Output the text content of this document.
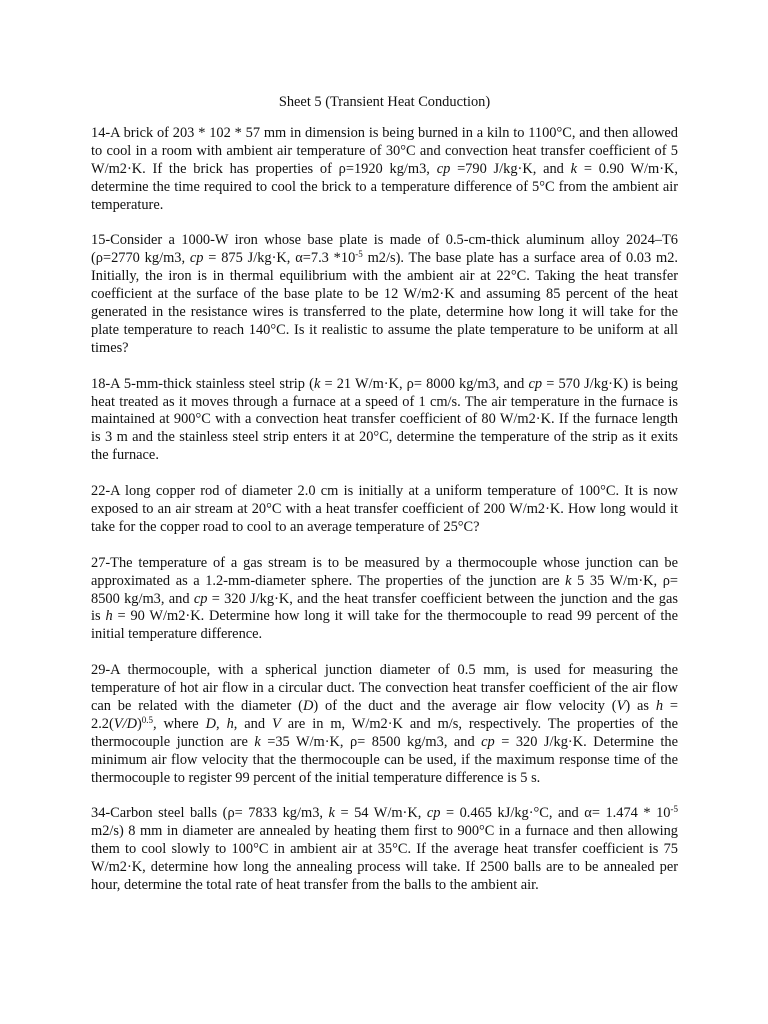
Sheet 5 (Transient Heat Conduction)

14-A brick of 203 * 102 * 57 mm in dimension is being burned in a kiln to 1100°C, and then allowed to cool in a room with ambient air temperature of 30°C and convection heat transfer coefficient of 5 W/m2·K. If the brick has properties of ρ=1920 kg/m3, cp =790 J/kg·K, and k = 0.90 W/m·K, determine the time required to cool the brick to a temperature difference of 5°C from the ambient air temperature.

15-Consider a 1000-W iron whose base plate is made of 0.5-cm-thick aluminum alloy 2024–T6 (ρ=2770 kg/m3, cp = 875 J/kg·K, α=7.3 $*10^{-5}$ m2/s). The base plate has a surface area of 0.03 m2. Initially, the iron is in thermal equilibrium with the ambient air at 22°C. Taking the heat transfer coefficient at the surface of the base plate to be 12 W/m2·K and assuming 85 percent of the heat generated in the resistance wires is transferred to the plate, determine how long it will take for the plate temperature to reach 140°C. Is it realistic to assume the plate temperature to be uniform at all times?

18-A 5-mm-thick stainless steel strip (k = 21 W/m·K, ρ= 8000 kg/m3, and cp = 570 J/kg·K) is being heat treated as it moves through a furnace at a speed of 1 cm/s. The air temperature in the furnace is maintained at 900°C with a convection heat transfer coefficient of 80 W/m2·K. If the furnace length is 3 m and the stainless steel strip enters it at 20°C, determine the temperature of the strip as it exits the furnace.

22-A long copper rod of diameter 2.0 cm is initially at a uniform temperature of 100°C. It is now exposed to an air stream at 20°C with a heat transfer coefficient of 200 W/m2·K. How long would it take for the copper road to cool to an average temperature of 25°C?

27-The temperature of a gas stream is to be measured by a thermocouple whose junction can be approximated as a 1.2-mm-diameter sphere. The properties of the junction are k 5 35 W/m·K, ρ= 8500 kg/m3, and cp = 320 J/kg·K, and the heat transfer coefficient between the junction and the gas is h = 90 W/m2·K. Determine how long it will take for the thermocouple to read 99 percent of the initial temperature difference.

29-A thermocouple, with a spherical junction diameter of 0.5 mm, is used for measuring the temperature of hot air flow in a circular duct. The convection heat transfer coefficient of the air flow can be related with the diameter (D) of the duct and the average air flow velocity (V) as $h = 2.2(V/D)^{0.5}$, where D, h, and V are in m, W/m2·K and m/s, respectively. The properties of the thermocouple junction are k =35 W/m·K, ρ= 8500 kg/m3, and cp = 320 J/kg·K. Determine the minimum air flow velocity that the thermocouple can be used, if the maximum response time of the thermocouple to register 99 percent of the initial temperature difference is 5 s.

34-Carbon steel balls (ρ= 7833 kg/m3, k = 54 W/m·K, cp = 0.465 kJ/kg·°C, and $\alpha= 1.474 * 10^{-5}$ m2/s) 8 mm in diameter are annealed by heating them first to 900°C in a furnace and then allowing them to cool slowly to 100°C in ambient air at 35°C. If the average heat transfer coefficient is 75 W/m2·K, determine how long the annealing process will take. If 2500 balls are to be annealed per hour, determine the total rate of heat transfer from the balls to the ambient air.
